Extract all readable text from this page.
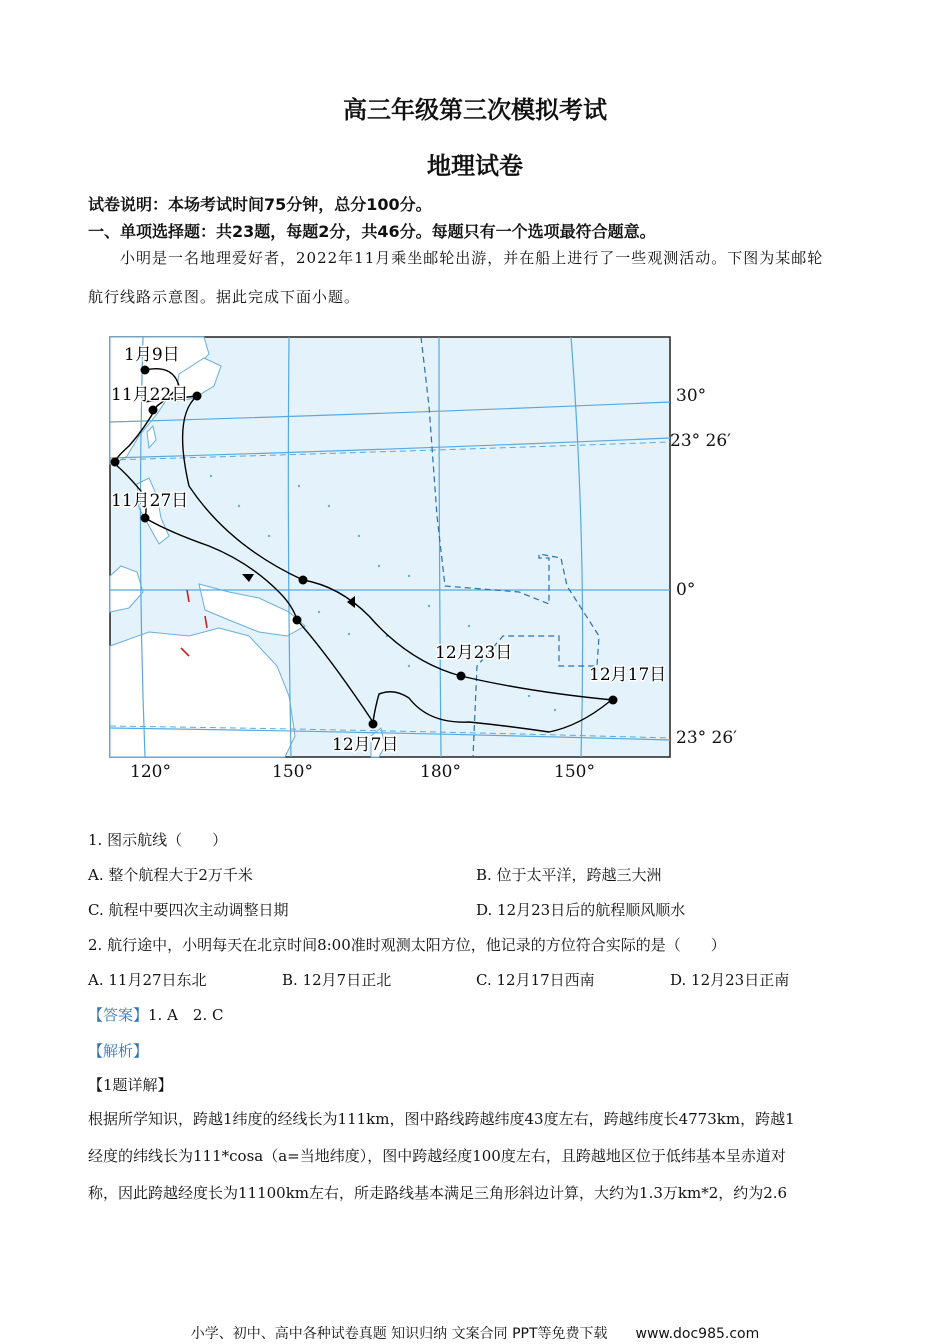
高三年级第三次模拟考试
地理试卷
试卷说明：本场考试时间75分钟，总分100分。
一、单项选择题：共23题，每题2分，共46分。每题只有一个选项最符合题意。
小明是一名地理爱好者，2022年11月乘坐邮轮出游，并在船上进行了一些观测活动。下图为某邮轮
航行线路示意图。据此完成下面小题。
1月9日
11月22日
11月27日
12月7日
12月23日
12月17日
30°
23° 26′
0°
23° 26′
120°	150°	180°	150°
1. 图示航线（　　）
A. 整个航程大于2万千米	B. 位于太平洋，跨越三大洲
C. 航程中要四次主动调整日期	D. 12月23日后的航程顺风顺水
2. 航行途中，小明每天在北京时间8:00准时观测太阳方位，他记录的方位符合实际的是（　　）
A. 11月27日东北	B. 12月7日正北	C. 12月17日西南	D. 12月23日正南
【答案】1. A　2. C
【解析】
【1题详解】
根据所学知识，跨越1纬度的经线长为111km，图中路线跨越纬度43度左右，跨越纬度长4773km，跨越1
经度的纬线长为111*cosa（a=当地纬度），图中跨越经度100度左右，且跨越地区位于低纬基本呈赤道对
称，因此跨越经度长为11100km左右，所走路线基本满足三角形斜边计算，大约为1.3万km*2，约为2.6
小学、初中、高中各种试卷真题 知识归纳 文案合同 PPT等免费下载　　www.doc985.com
